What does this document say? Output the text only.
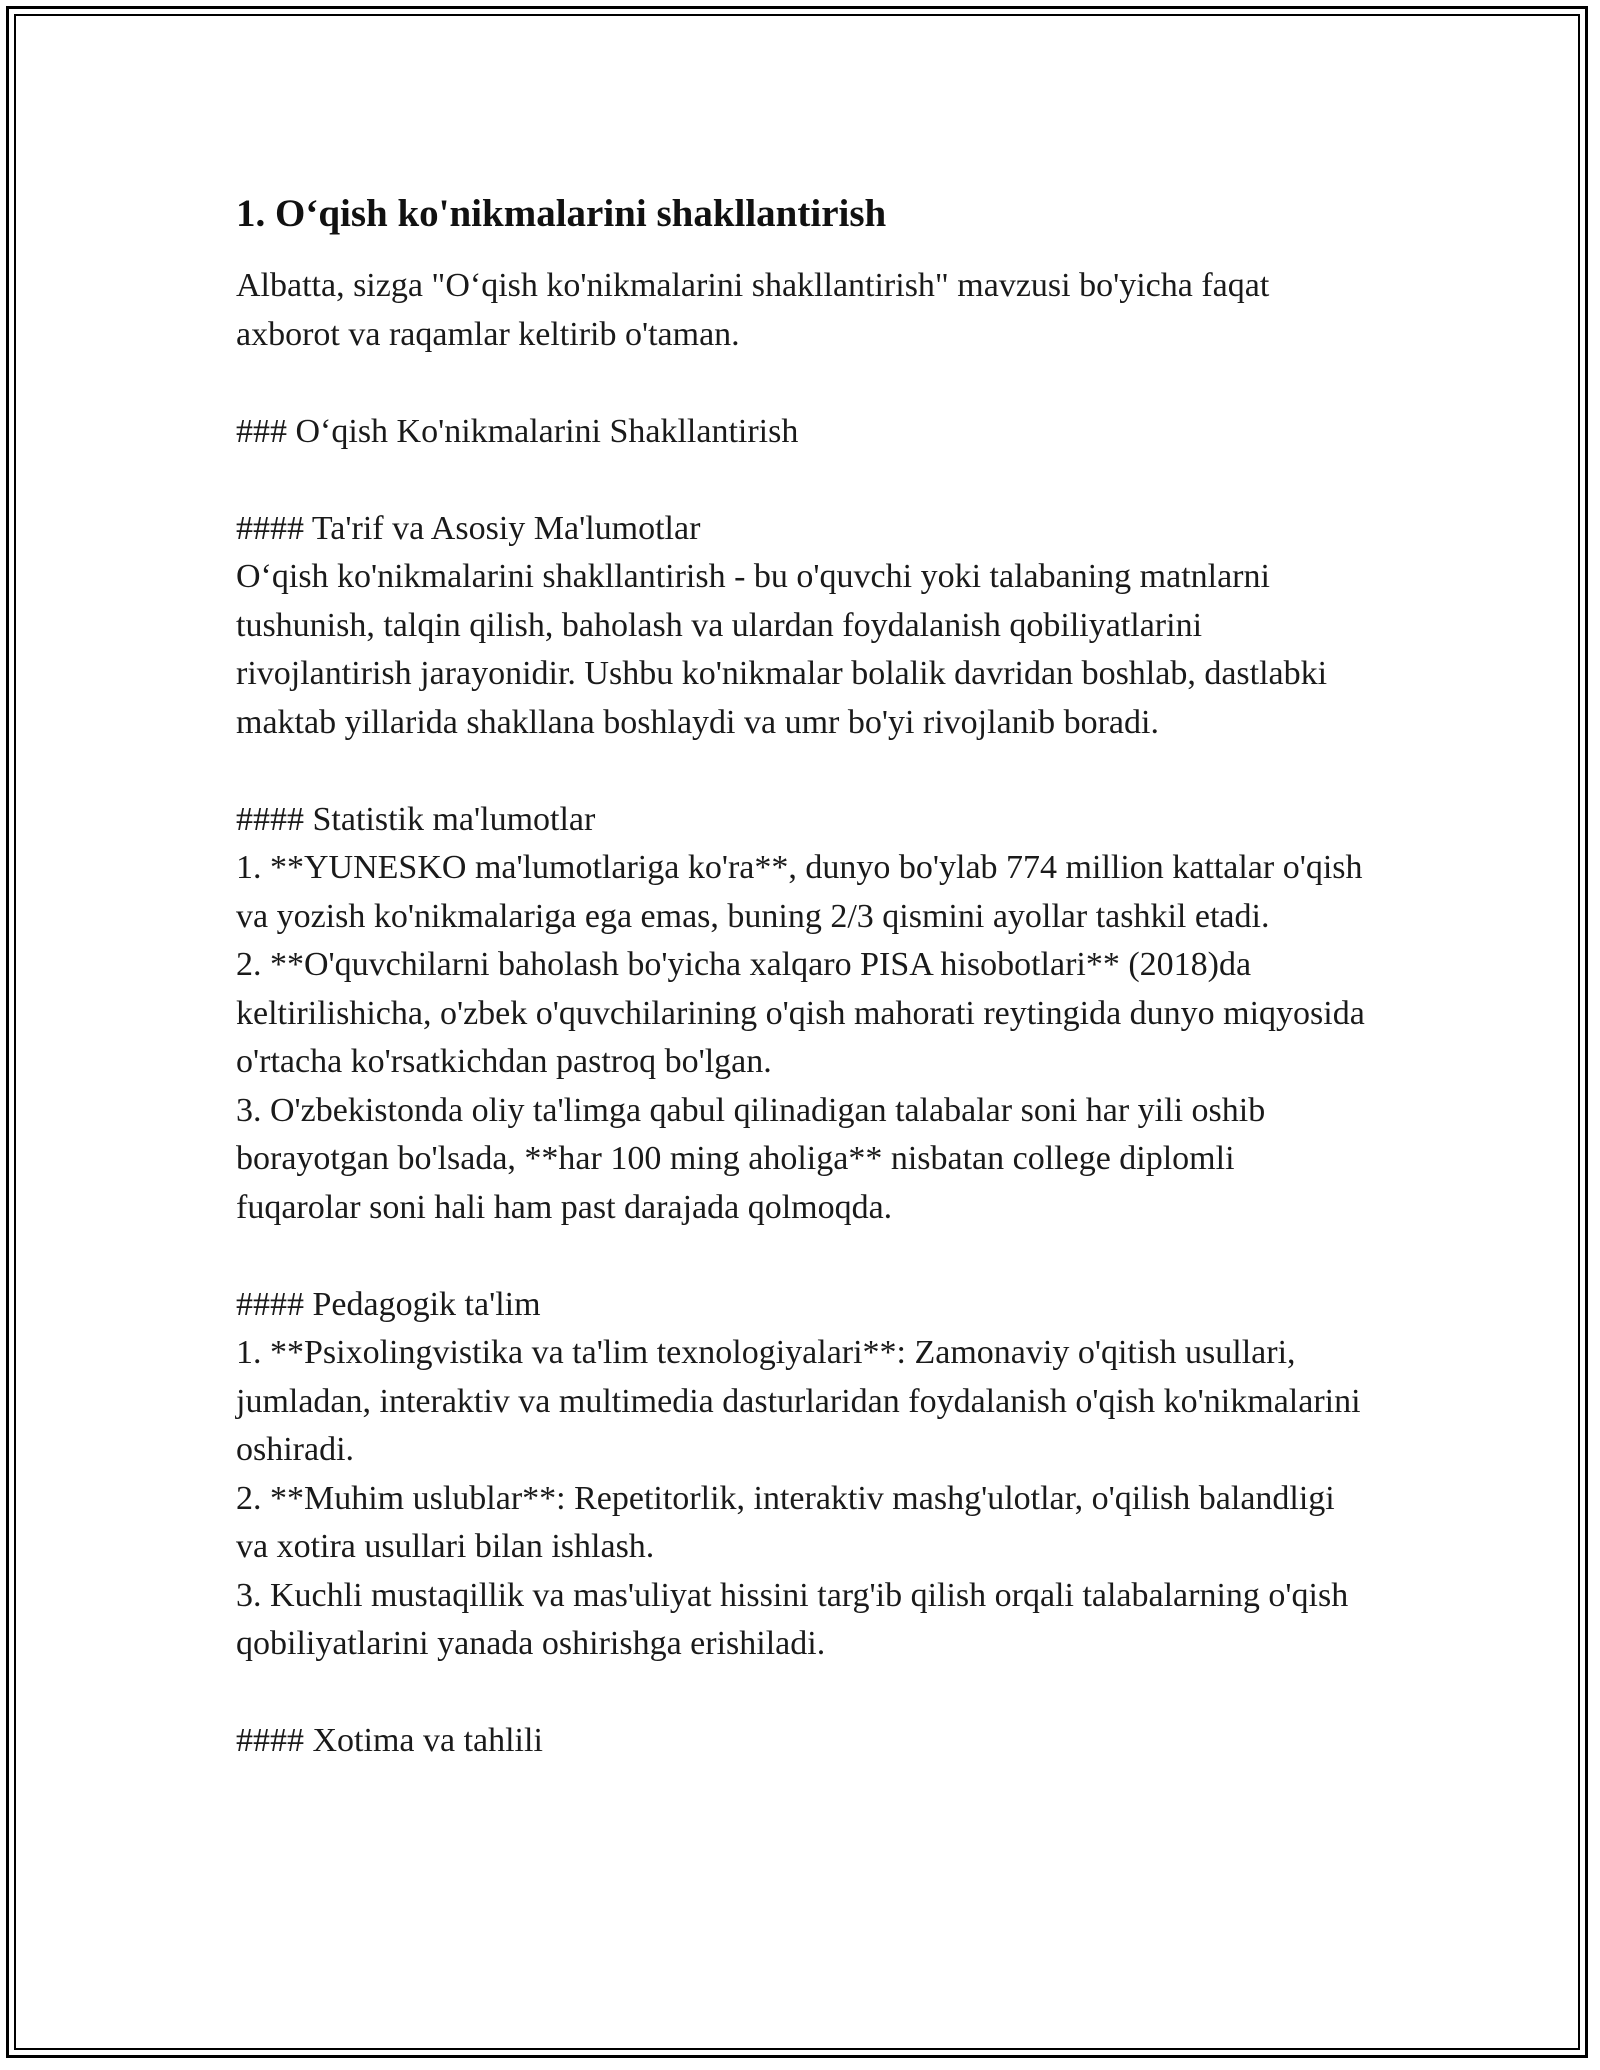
1. O‘qish ko'nikmalarini shakllantirish

Albatta, sizga "O‘qish ko'nikmalarini shakllantirish" mavzusi bo'yicha faqat axborot va raqamlar keltirib o'taman.

### O‘qish Ko'nikmalarini Shakllantirish

#### Ta'rif va Asosiy Ma'lumotlar

O‘qish ko'nikmalarini shakllantirish - bu o'quvchi yoki talabaning matnlarni tushunish, talqin qilish, baholash va ulardan foydalanish qobiliyatlarini rivojlantirish jarayonidir. Ushbu ko'nikmalar bolalik davridan boshlab, dastlabki maktab yillarida shakllana boshlaydi va umr bo'yi rivojlanib boradi.

#### Statistik ma'lumotlar

1. **YUNESKO ma'lumotlariga ko'ra**, dunyo bo'ylab 774 million kattalar o'qish va yozish ko'nikmalariga ega emas, buning 2/3 qismini ayollar tashkil etadi.

2. **O'quvchilarni baholash bo'yicha xalqaro PISA hisobotlari** (2018)da keltirilishicha, o'zbek o'quvchilarining o'qish mahorati reytingida dunyo miqyosida o'rtacha ko'rsatkichdan pastroq bo'lgan.

3. O'zbekistonda oliy ta'limga qabul qilinadigan talabalar soni har yili oshib borayotgan bo'lsada, **har 100 ming aholiga** nisbatan college diplomli fuqarolar soni hali ham past darajada qolmoqda.

#### Pedagogik ta'lim

1. **Psixolingvistika va ta'lim texnologiyalari**: Zamonaviy o'qitish usullari, jumladan, interaktiv va multimedia dasturlaridan foydalanish o'qish ko'nikmalarini oshiradi.

2. **Muhim uslublar**: Repetitorlik, interaktiv mashg'ulotlar, o'qilish balandligi va xotira usullari bilan ishlash.

3. Kuchli mustaqillik va mas'uliyat hissini targ'ib qilish orqali talabalarning o'qish qobiliyatlarini yanada oshirishga erishiladi.

#### Xotima va tahlili
